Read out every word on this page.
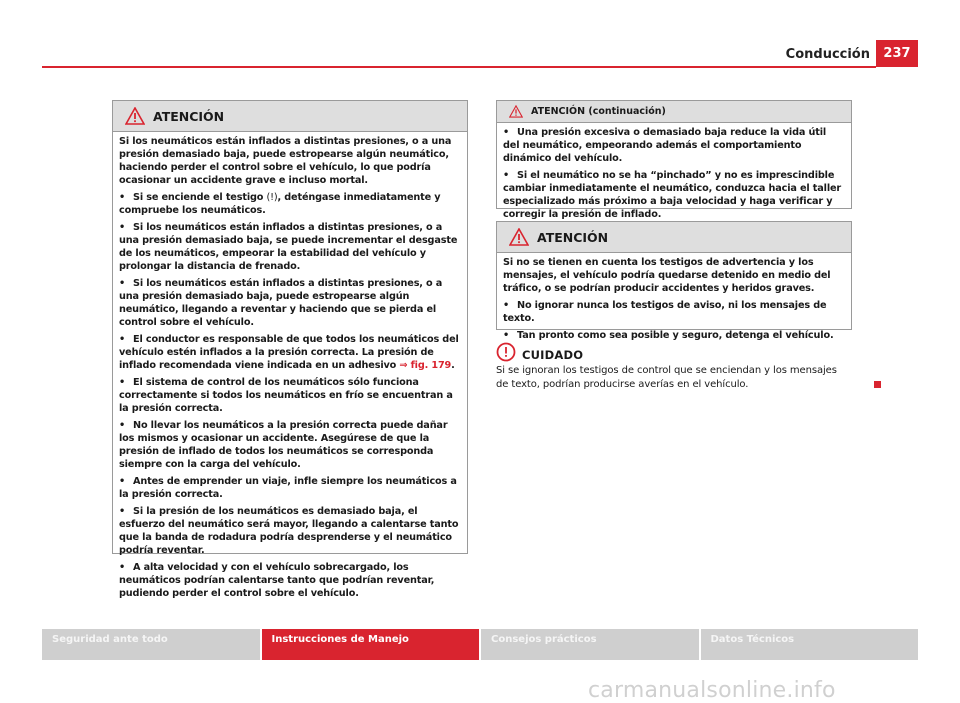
Conducción	237
ATENCIÓN

Si los neumáticos están inflados a distintas presiones, o a una presión demasiado baja, puede estropearse algún neumático, haciendo perder el control sobre el vehículo, lo que podría ocasionar un accidente grave e incluso mortal.

• Si se enciende el testigo (!), deténgase inmediatamente y compruebe los neumáticos.

• Si los neumáticos están inflados a distintas presiones, o a una presión demasiado baja, se puede incrementar el desgaste de los neumáticos, empeorar la estabilidad del vehículo y prolongar la distancia de frenado.

• Si los neumáticos están inflados a distintas presiones, o a una presión demasiado baja, puede estropearse algún neumático, llegando a reventar y haciendo que se pierda el control sobre el vehículo.

• El conductor es responsable de que todos los neumáticos del vehículo estén inflados a la presión correcta. La presión de inflado recomendada viene indicada en un adhesivo ⇒ fig. 179.

• El sistema de control de los neumáticos sólo funciona correctamente si todos los neumáticos en frío se encuentran a la presión correcta.

• No llevar los neumáticos a la presión correcta puede dañar los mismos y ocasionar un accidente. Asegúrese de que la presión de inflado de todos los neumáticos se corresponda siempre con la carga del vehículo.

• Antes de emprender un viaje, infle siempre los neumáticos a la presión correcta.

• Si la presión de los neumáticos es demasiado baja, el esfuerzo del neumático será mayor, llegando a calentarse tanto que la banda de rodadura podría desprenderse y el neumático podría reventar.

• A alta velocidad y con el vehículo sobrecargado, los neumáticos podrían calentarse tanto que podrían reventar, pudiendo perder el control sobre el vehículo.

ATENCIÓN (continuación)

• Una presión excesiva o demasiado baja reduce la vida útil del neumático, empeorando además el comportamiento dinámico del vehículo.

• Si el neumático no se ha “pinchado” y no es imprescindible cambiar inmediatamente el neumático, conduzca hacia el taller especializado más próximo a baja velocidad y haga verificar y corregir la presión de inflado.

ATENCIÓN

Si no se tienen en cuenta los testigos de advertencia y los mensajes, el vehículo podría quedarse detenido en medio del tráfico, o se podrían producir accidentes y heridos graves.

• No ignorar nunca los testigos de aviso, ni los mensajes de texto.

• Tan pronto como sea posible y seguro, detenga el vehículo.

CUIDADO
Si se ignoran los testigos de control que se enciendan y los mensajes de texto, podrían producirse averías en el vehículo.
Seguridad ante todo	Instrucciones de Manejo	Consejos prácticos	Datos Técnicos
carmanualsonline.info
